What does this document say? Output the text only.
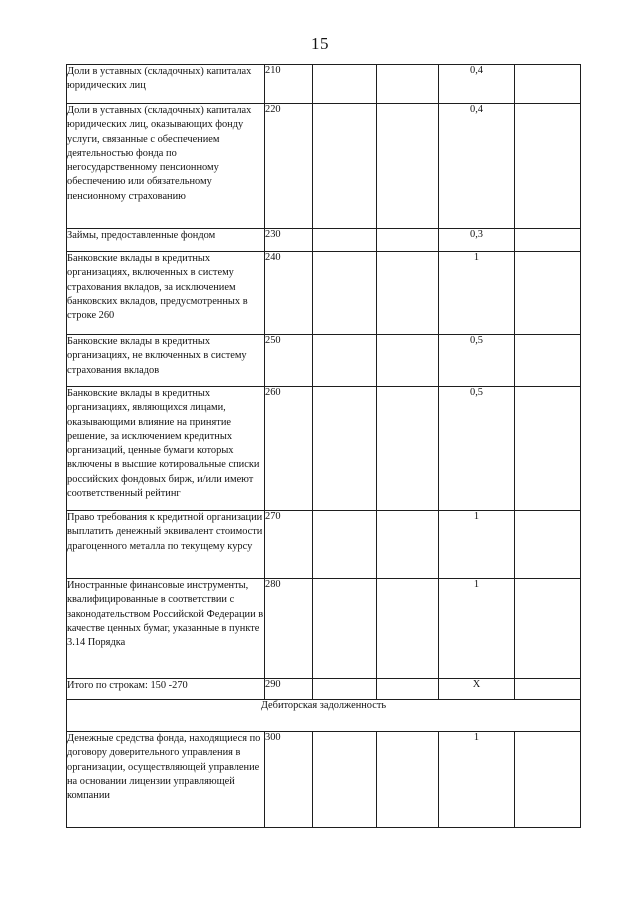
15
Доли в уставных (складочных) капиталах юридических лиц	210			0,4	
Доли в уставных (складочных) капиталах юридических лиц, оказывающих фонду услуги, связанные с обеспечением деятельностью фонда по негосударственному пенсионному обеспечению или обязательному пенсионному страхованию	220			0,4	
Займы, предоставленные фондом	230			0,3	
Банковские вклады в кредитных организациях, включенных в систему страхования вкладов, за исключением банковских вкладов, предусмотренных в строке 260	240			1	
Банковские вклады в кредитных организациях, не включенных в систему страхования вкладов	250			0,5	
Банковские вклады в кредитных организациях, являющихся лицами, оказывающими влияние на принятие решение, за исключением кредитных организаций, ценные бумаги которых включены в высшие котировальные списки российских фондовых бирж, и/или имеют соответственный рейтинг	260			0,5	
Право требования к кредитной организации выплатить денежный эквивалент стоимости драгоценного металла по текущему курсу	270			1	
Иностранные финансовые инструменты, квалифицированные в соответствии с законодательством Российской Федерации в качестве ценных бумаг, указанные в пункте 3.14 Порядка	280			1	
Итого по строкам: 150 -270	290			X	
Дебиторская задолженность					
Денежные средства фонда, находящиеся по договору доверительного управления в организации, осуществляющей управление на основании лицензии управляющей компании	300			1	
